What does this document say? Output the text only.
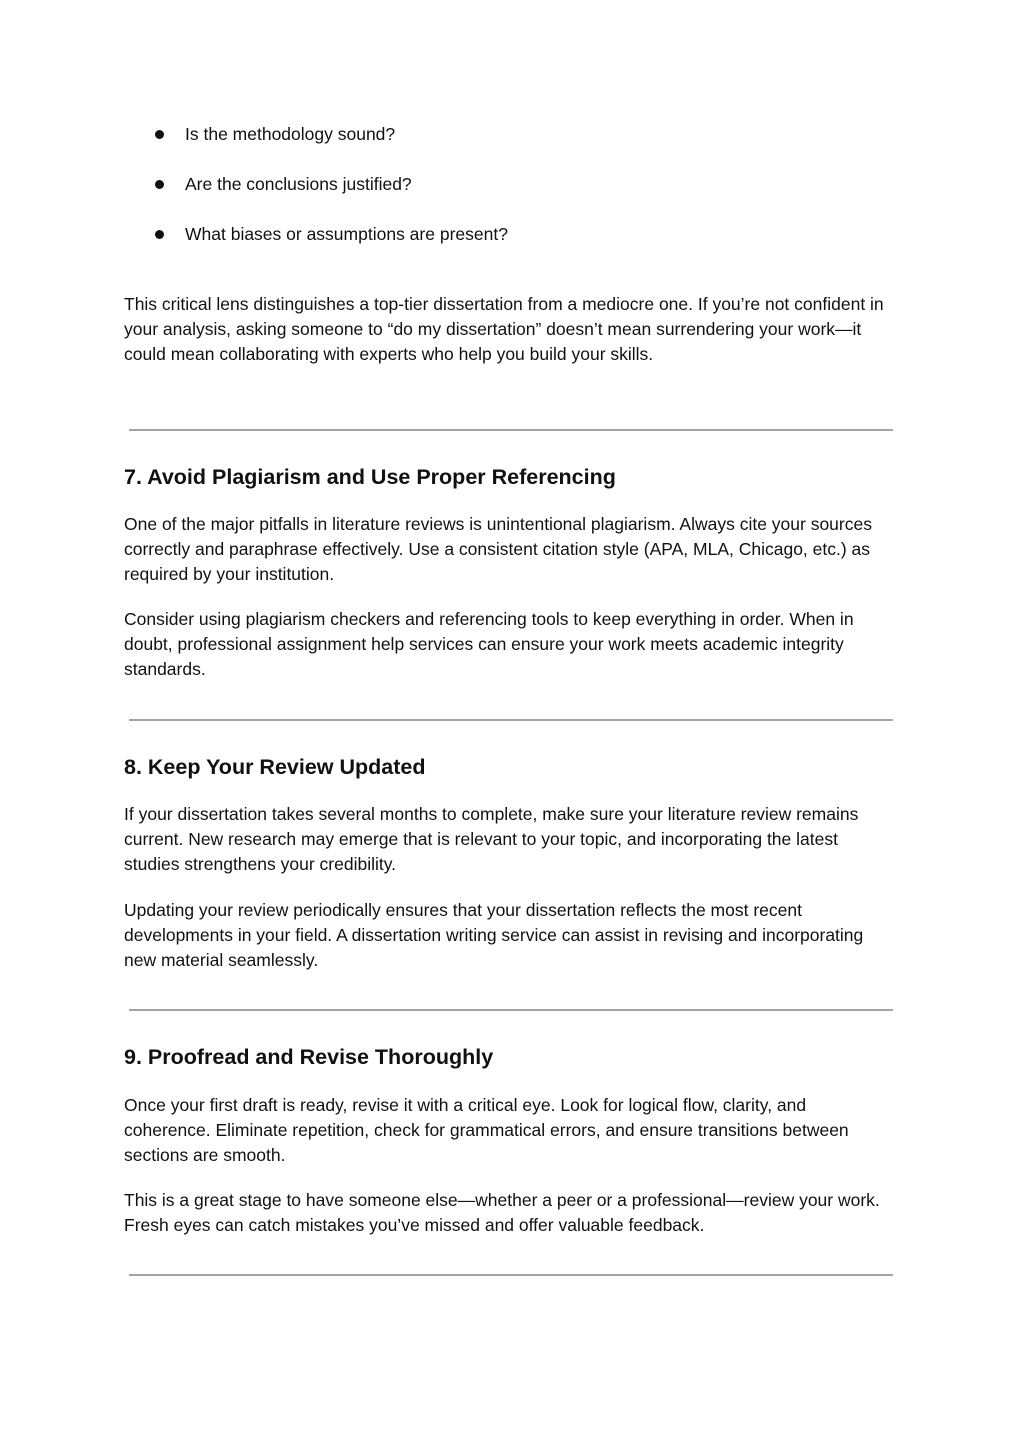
Is the methodology sound?
Are the conclusions justified?
What biases or assumptions are present?

This critical lens distinguishes a top-tier dissertation from a mediocre one. If you’re not confident in your analysis, asking someone to “do my dissertation” doesn’t mean surrendering your work—it could mean collaborating with experts who help you build your skills.

7. Avoid Plagiarism and Use Proper Referencing

One of the major pitfalls in literature reviews is unintentional plagiarism. Always cite your sources correctly and paraphrase effectively. Use a consistent citation style (APA, MLA, Chicago, etc.) as required by your institution.

Consider using plagiarism checkers and referencing tools to keep everything in order. When in doubt, professional assignment help services can ensure your work meets academic integrity standards.

8. Keep Your Review Updated

If your dissertation takes several months to complete, make sure your literature review remains current. New research may emerge that is relevant to your topic, and incorporating the latest studies strengthens your credibility.

Updating your review periodically ensures that your dissertation reflects the most recent developments in your field. A dissertation writing service can assist in revising and incorporating new material seamlessly.

9. Proofread and Revise Thoroughly

Once your first draft is ready, revise it with a critical eye. Look for logical flow, clarity, and coherence. Eliminate repetition, check for grammatical errors, and ensure transitions between sections are smooth.

This is a great stage to have someone else—whether a peer or a professional—review your work. Fresh eyes can catch mistakes you’ve missed and offer valuable feedback.
